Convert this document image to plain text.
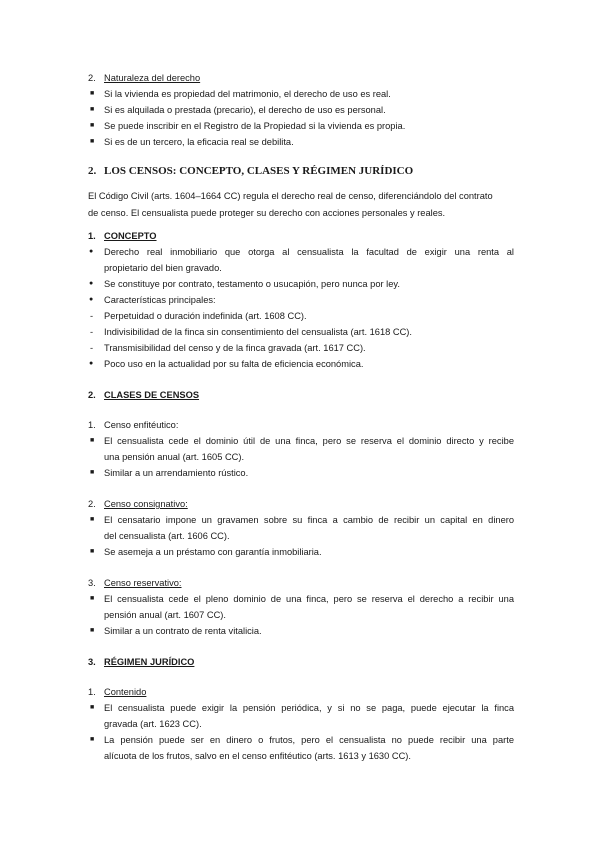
2. Naturaleza del derecho
■ Si la vivienda es propiedad del matrimonio, el derecho de uso es real.
■ Si es alquilada o prestada (precario), el derecho de uso es personal.
■ Se puede inscribir en el Registro de la Propiedad si la vivienda es propia.
■ Si es de un tercero, la eficacia real se debilita.
2. LOS CENSOS: CONCEPTO, CLASES Y RÉGIMEN JURÍDICO
El Código Civil (arts. 1604–1664 CC) regula el derecho real de censo, diferenciándolo del contrato
de censo. El censualista puede proteger su derecho con acciones personales y reales.
1. CONCEPTO
● Derecho real inmobiliario que otorga al censualista la facultad de exigir una renta al
propietario del bien gravado.
● Se constituye por contrato, testamento o usucapión, pero nunca por ley.
● Características principales:
- Perpetuidad o duración indefinida (art. 1608 CC).
- Indivisibilidad de la finca sin consentimiento del censualista (art. 1618 CC).
- Transmisibilidad del censo y de la finca gravada (art. 1617 CC).
● Poco uso en la actualidad por su falta de eficiencia económica.
2. CLASES DE CENSOS
1. Censo enfitéutico:
■ El censualista cede el dominio útil de una finca, pero se reserva el dominio directo y recibe
una pensión anual (art. 1605 CC).
■ Similar a un arrendamiento rústico.
2. Censo consignativo:
■ El censatario impone un gravamen sobre su finca a cambio de recibir un capital en dinero
del censualista (art. 1606 CC).
■ Se asemeja a un préstamo con garantía inmobiliaria.
3. Censo reservativo:
■ El censualista cede el pleno dominio de una finca, pero se reserva el derecho a recibir una
pensión anual (art. 1607 CC).
■ Similar a un contrato de renta vitalicia.
3. RÉGIMEN JURÍDICO
1. Contenido
■ El censualista puede exigir la pensión periódica, y si no se paga, puede ejecutar la finca
gravada (art. 1623 CC).
■ La pensión puede ser en dinero o frutos, pero el censualista no puede recibir una parte
alícuota de los frutos, salvo en el censo enfitéutico (arts. 1613 y 1630 CC).
